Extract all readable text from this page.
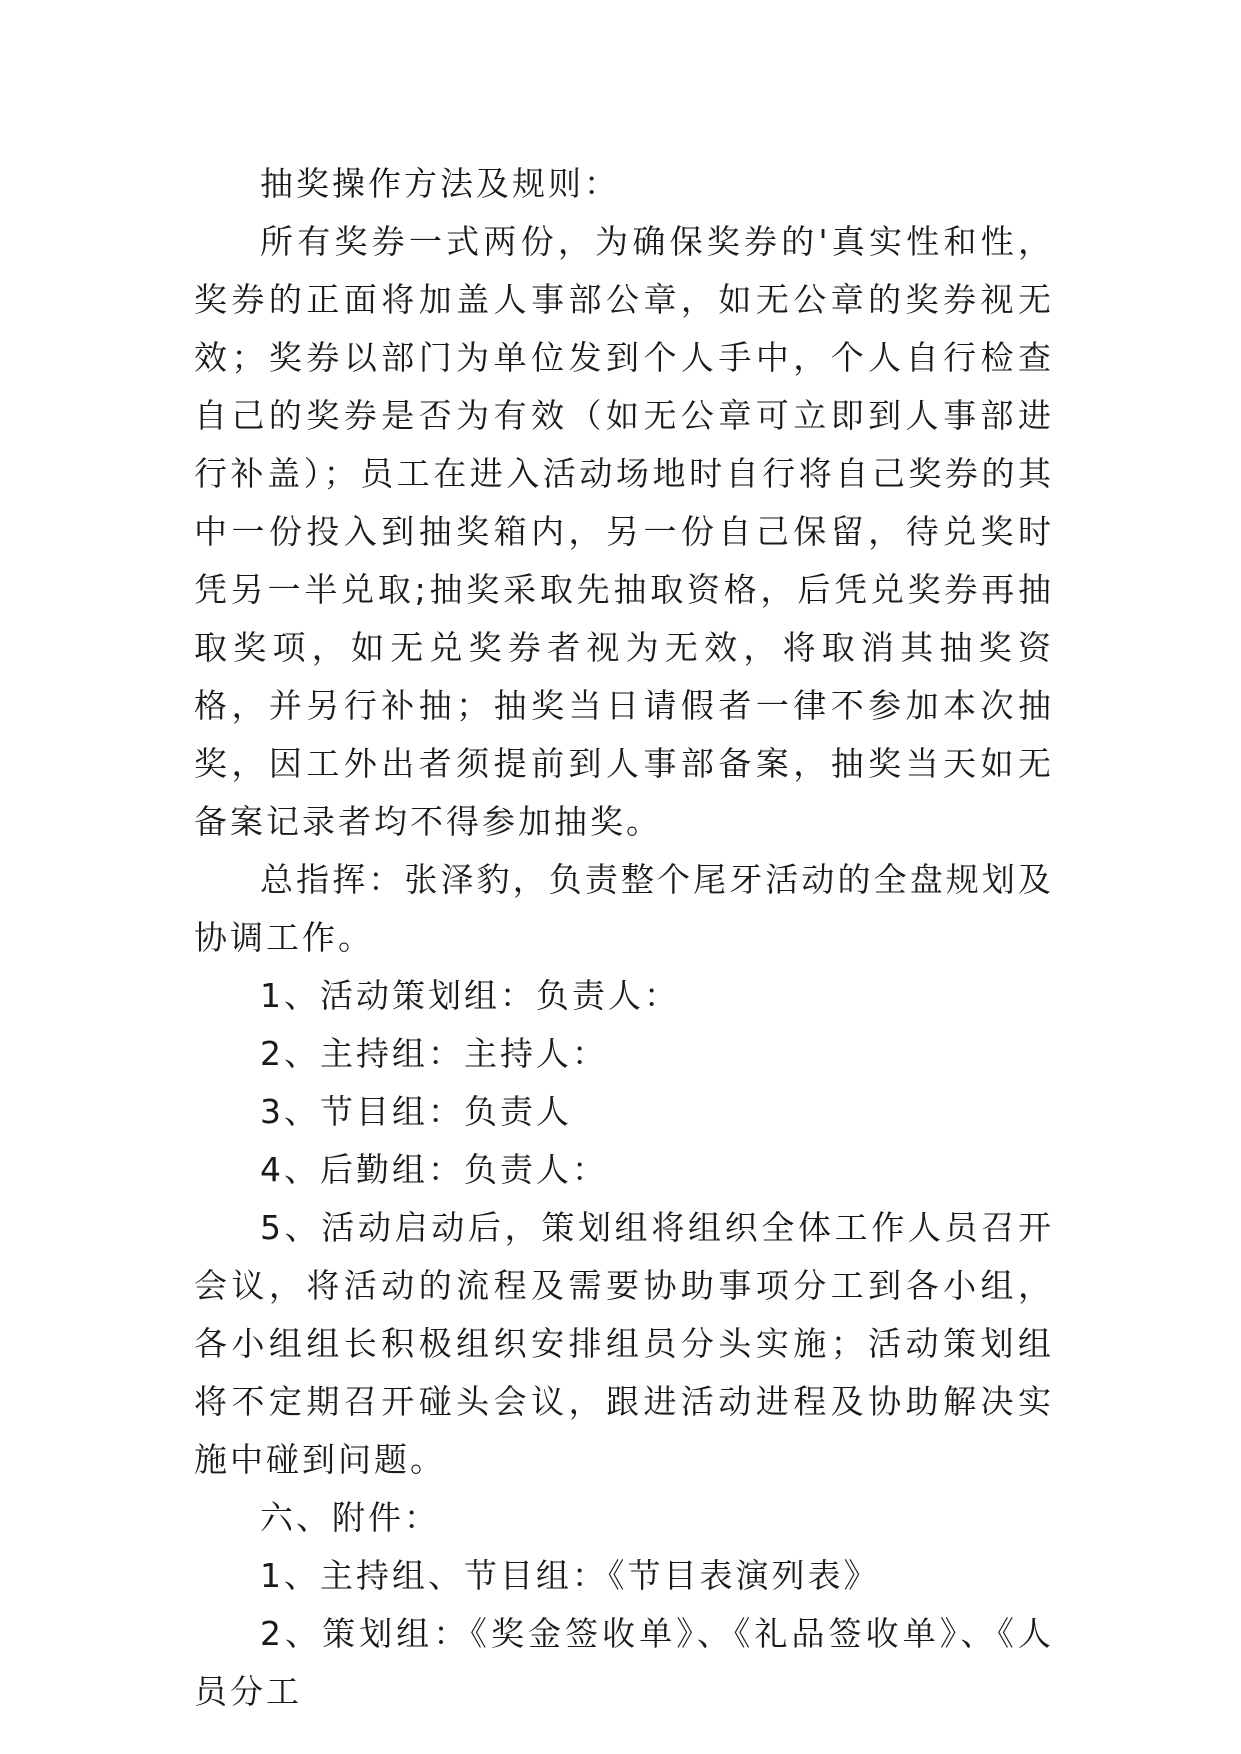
抽奖操作方法及规则：

所有奖券一式两份，为确保奖券的'真实性和性，奖券的正面将加盖人事部公章，如无公章的奖券视无效；奖券以部门为单位发到个人手中，个人自行检查自己的奖券是否为有效（如无公章可立即到人事部进行补盖）；员工在进入活动场地时自行将自己奖券的其中一份投入到抽奖箱内，另一份自己保留，待兑奖时凭另一半兑取;抽奖采取先抽取资格，后凭兑奖券再抽取奖项，如无兑奖券者视为无效，将取消其抽奖资格，并另行补抽；抽奖当日请假者一律不参加本次抽奖，因工外出者须提前到人事部备案，抽奖当天如无备案记录者均不得参加抽奖。

总指挥：张泽豹，负责整个尾牙活动的全盘规划及协调工作。

1、活动策划组：负责人：

2、主持组：主持人：

3、节目组：负责人

4、后勤组：负责人：

5、活动启动后，策划组将组织全体工作人员召开会议，将活动的流程及需要协助事项分工到各小组，各小组组长积极组织安排组员分头实施；活动策划组将不定期召开碰头会议，跟进活动进程及协助解决实施中碰到问题。

六、附件：

1、主持组、节目组：《节目表演列表》

2、策划组：《奖金签收单》、《礼品签收单》、《人员分工
